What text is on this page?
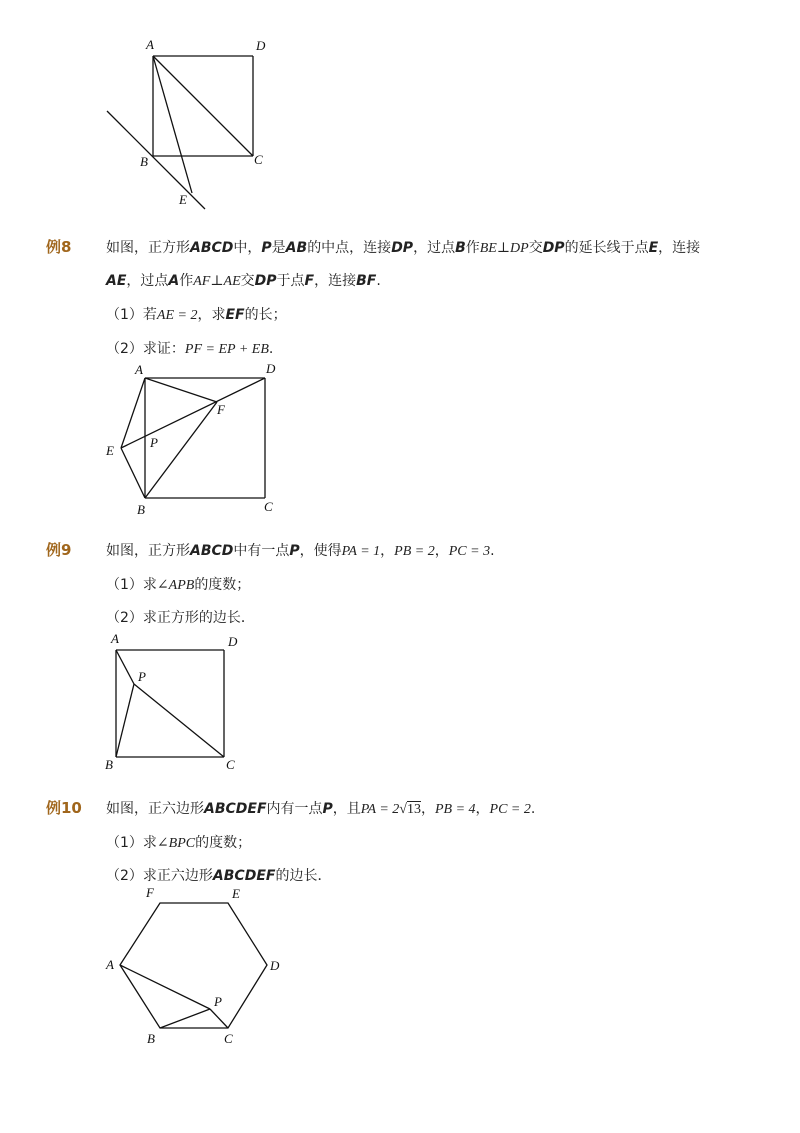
A	D
B	C
E
例8 如图，正方形ABCD中，P是AB的中点，连接DP，过点B作BE⊥DP交DP的延长线于点E，连接
AE，过点A作AF⊥AE交DP于点F，连接BF.
（1）若AE = 2，求EF的长；
（2）求证：PF = EP + EB.
A	D
F
E
P
B	C
例9 如图，正方形ABCD中有一点P，使得PA = 1，PB = 2，PC = 3.
（1）求∠APB的度数；
（2）求正方形的边长．
A	D
P
B	C
例10 如图，正六边形ABCDEF内有一点P，且PA = 2√13，PB = 4，PC = 2.
（1）求∠BPC的度数；
（2）求正六边形ABCDEF的边长．
F	E
A	D
P
B	C
